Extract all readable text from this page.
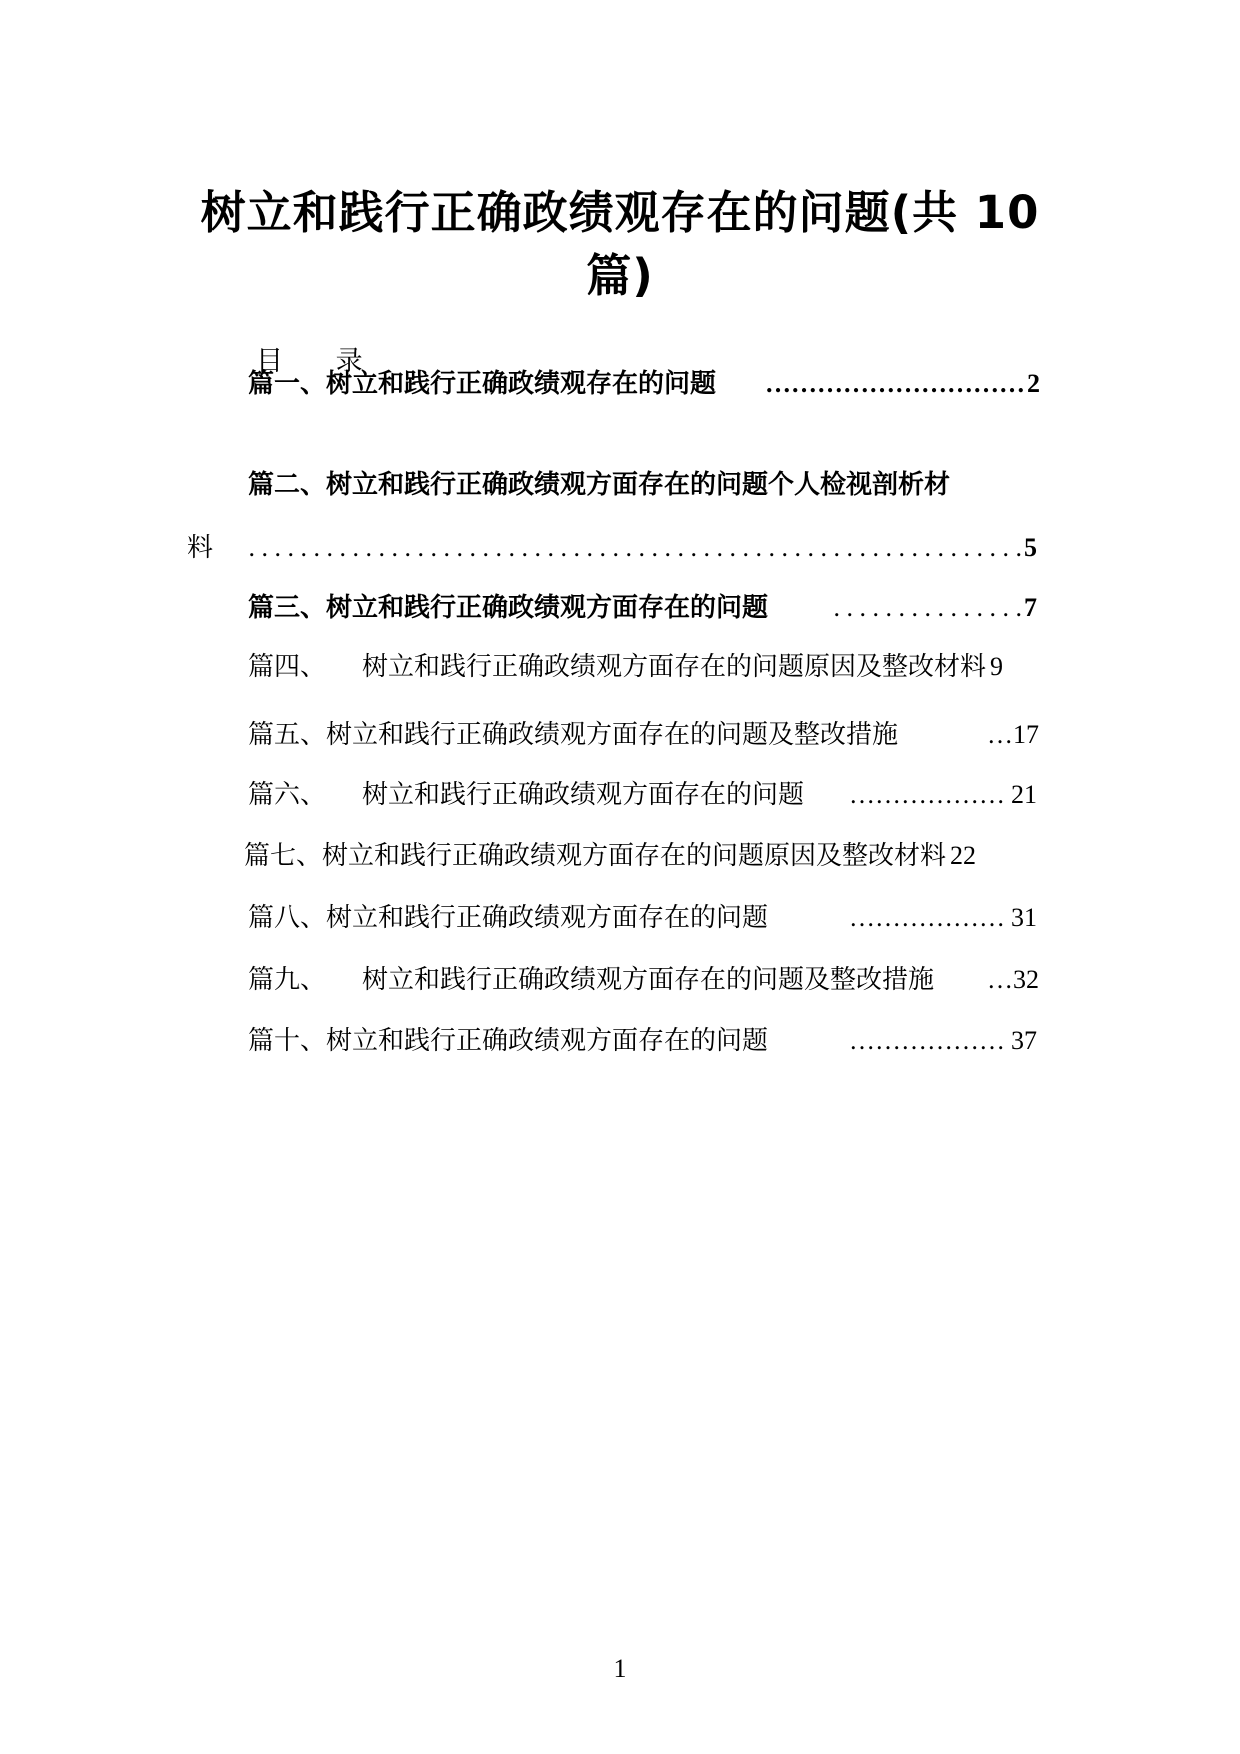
树立和践行正确政绩观存在的问题(共 10
篇)
目 录
篇一、树立和践行正确政绩观存在的问题	………………………… 2
篇二、树立和践行正确政绩观方面存在的问题个人检视剖析材
料	. . . . . . . . . . . . . . . . . . . . . . . . . . . . . . . . . . . . . . . . . . . . . . . . . . . . . . . . . . . . 5
篇三、树立和践行正确政绩观方面存在的问题	. . . . . . . . . . . . . . . 7
篇四、 树立和践行正确政绩观方面存在的问题原因及整改材料 9
篇五、树立和践行正确政绩观方面存在的问题及整改措施	… 17
篇六、 树立和践行正确政绩观方面存在的问题	……………… 21
篇七、树立和践行正确政绩观方面存在的问题原因及整改材料 22
篇八、树立和践行正确政绩观方面存在的问题	……………… 31
篇九、 树立和践行正确政绩观方面存在的问题及整改措施	… 32
篇十、树立和践行正确政绩观方面存在的问题	……………… 37
1
